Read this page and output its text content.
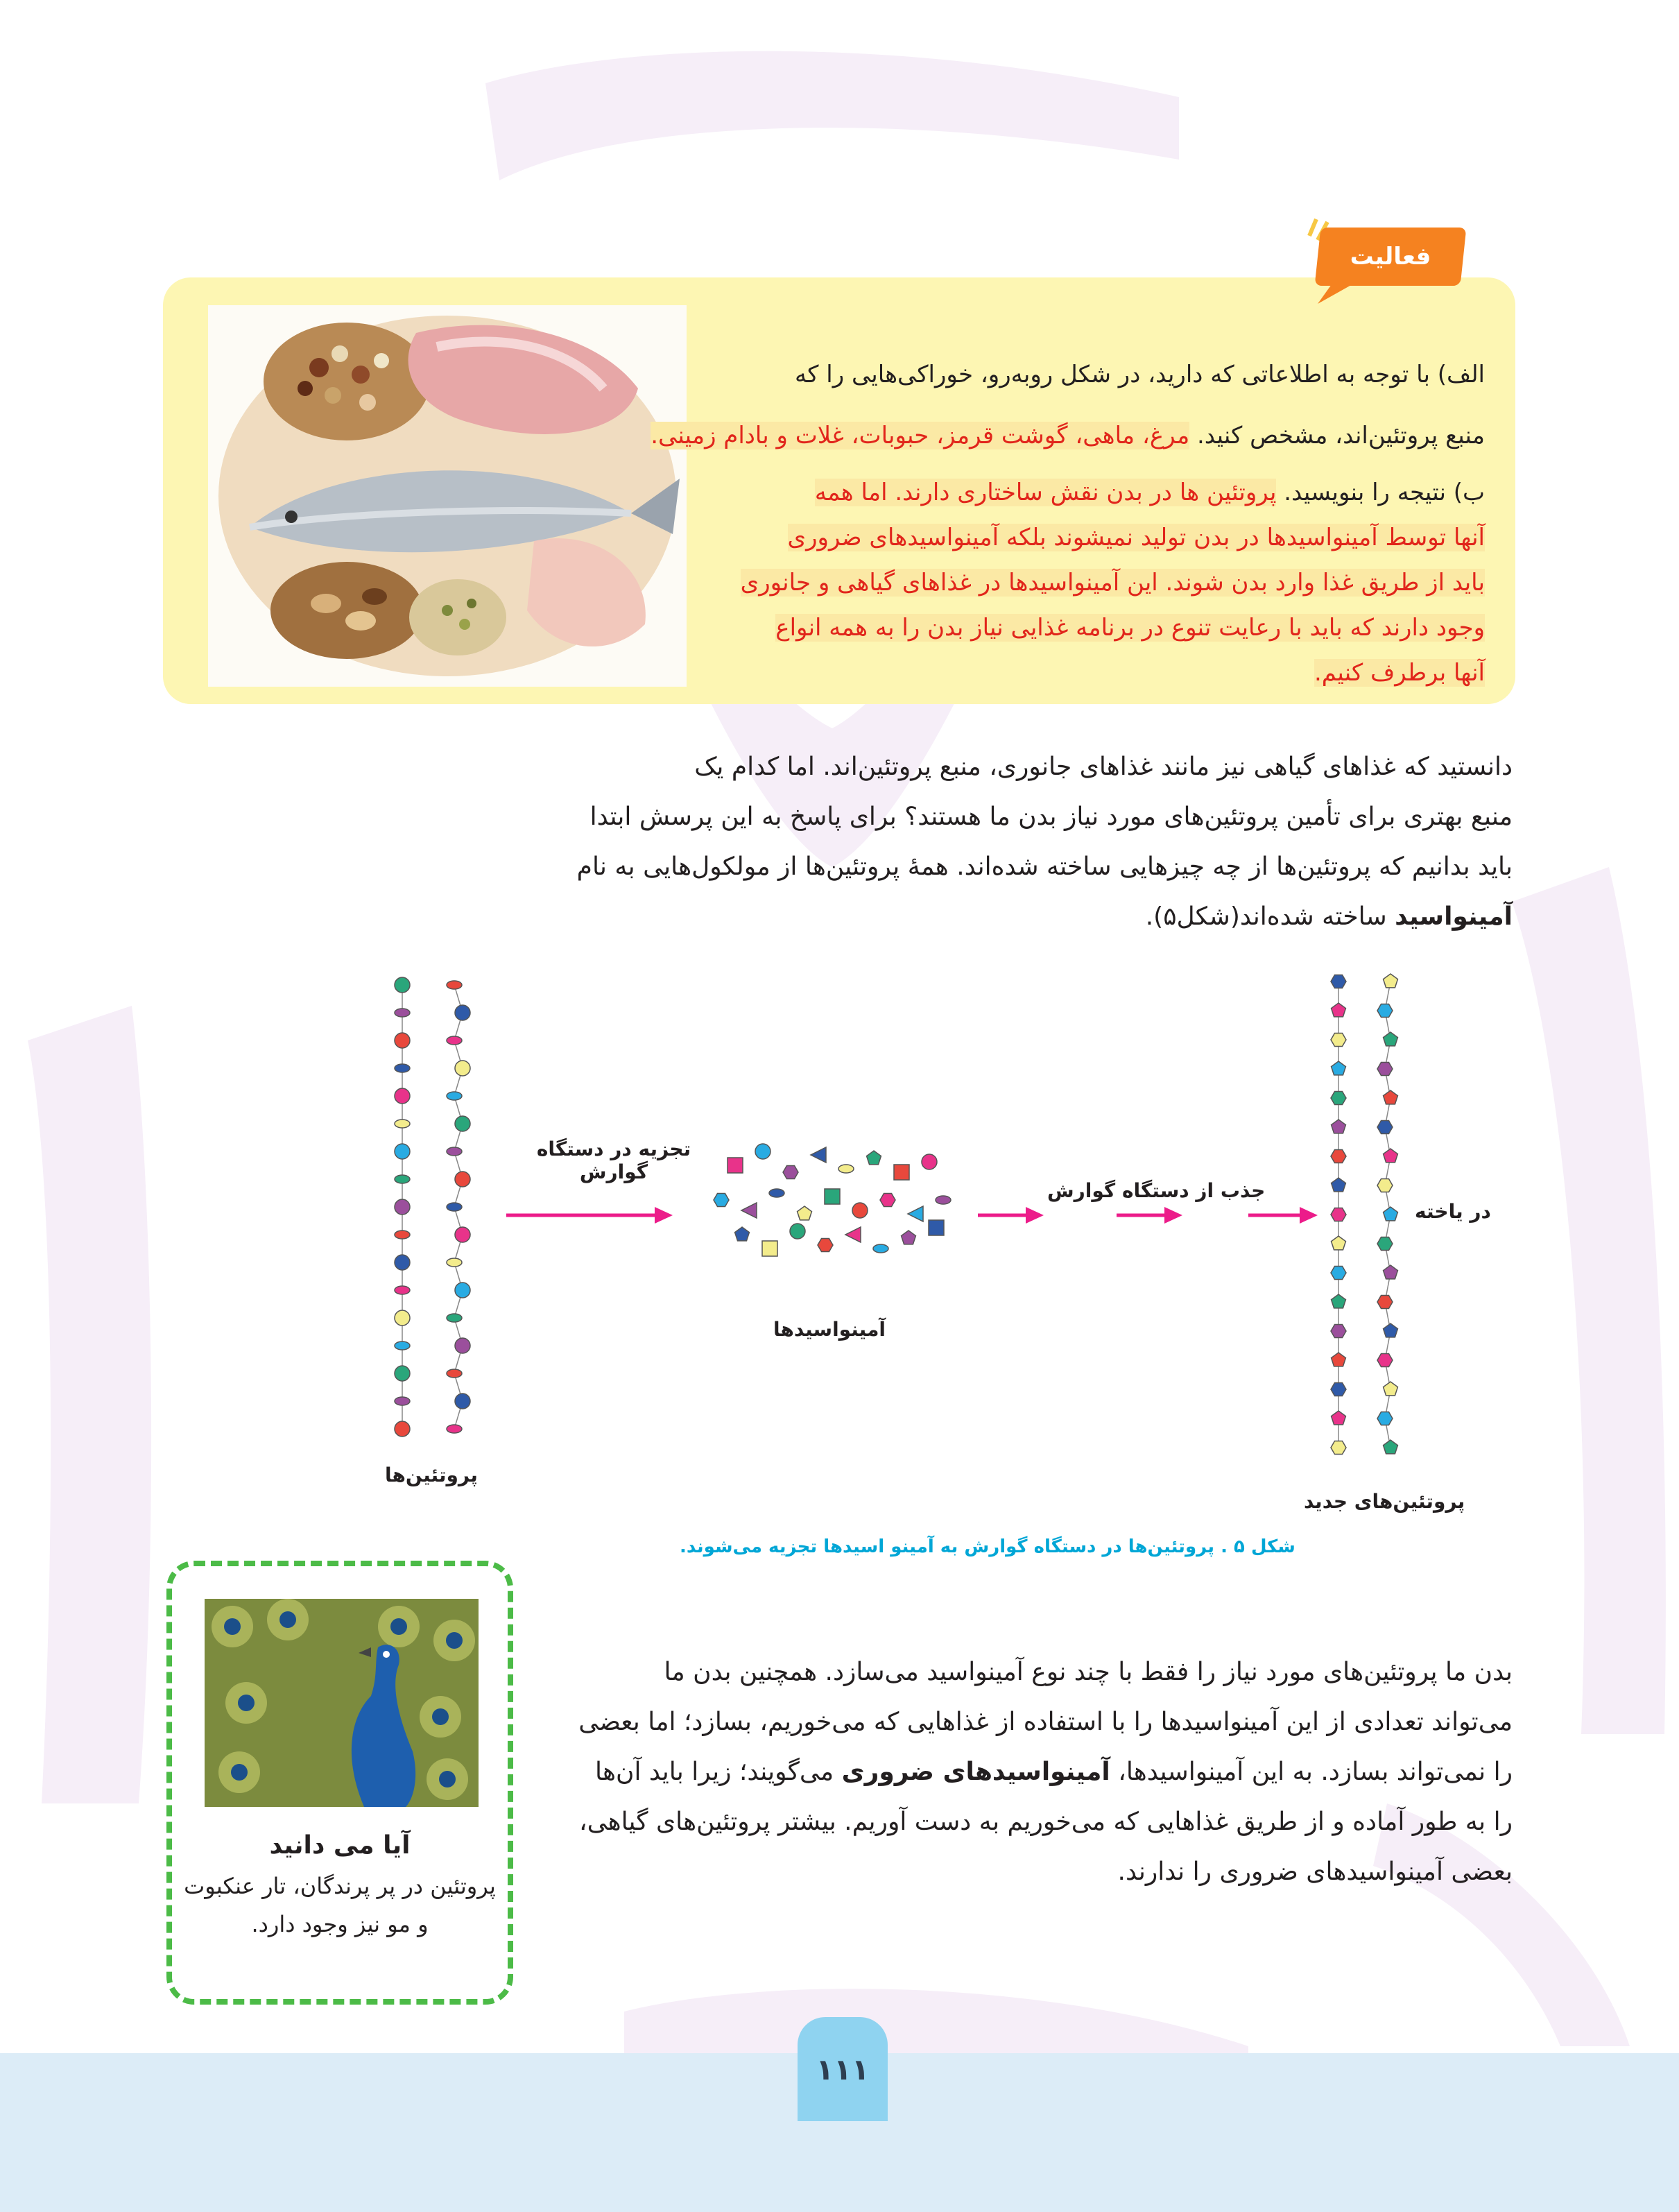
۱۱۱
فعالیت
الف) با توجه به اطلاعاتی که دارید، در شکل روبه‌رو، خوراکی‌هایی را که
منبع پروتئین‌اند، مشخص کنید. مرغ، ماهی، گوشت قرمز، حبوبات، غلات و بادام زمینی.
ب) نتیجه را بنویسید. پروتئین ها در بدن نقش ساختاری دارند. اما همه
آنها توسط آمینواسیدها در بدن تولید نمیشوند بلکه آمینواسیدهای ضروری
باید از طریق غذا وارد بدن شوند. این آمینواسیدها در غذاهای گیاهی و جانوری
وجود دارند که باید با رعایت تنوع در برنامه غذایی نیاز بدن را به همه انواع
آنها برطرف کنیم.
دانستید که غذاهای گیاهی نیز مانند غذاهای جانوری، منبع پروتئین‌اند. اما کدام یک
منبع بهتری برای تأمین پروتئین‌های مورد نیاز بدن ما هستند؟ برای پاسخ به این پرسش ابتدا
باید بدانیم که پروتئین‌ها از چه چیزهایی ساخته شده‌اند. همهٔ پروتئین‌ها از مولکول‌هایی به نام
آمینواسید ساخته شده‌اند(شکل۵).
پروتئین‌ها
تجزیه در دستگاه
گوارش
آمینواسیدها
جذب از دستگاه گوارش
در یاخته
پروتئین‌های جدید
شکل ۵ . پروتئین‌ها در دستگاه گوارش به آمینو اسیدها تجزیه می‌شوند.
آیا می دانید
پروتئین در پر پرندگان، تار عنکبوت
و مو نیز وجود دارد.
بدن ما پروتئین‌های مورد نیاز را فقط با چند نوع آمینواسید می‌سازد. همچنین بدن ما
می‌تواند تعدادی از این آمینواسیدها را با استفاده از غذاهایی که می‌خوریم، بسازد؛ اما بعضی
را نمی‌تواند بسازد. به این آمینواسیدها، آمینواسیدهای ضروری می‌گویند؛ زیرا باید آن‌ها
را به طور آماده و از طریق غذاهایی که می‌خوریم به دست آوریم. بیشتر پروتئین‌های گیاهی،
بعضی آمینواسیدهای ضروری را ندارند.
